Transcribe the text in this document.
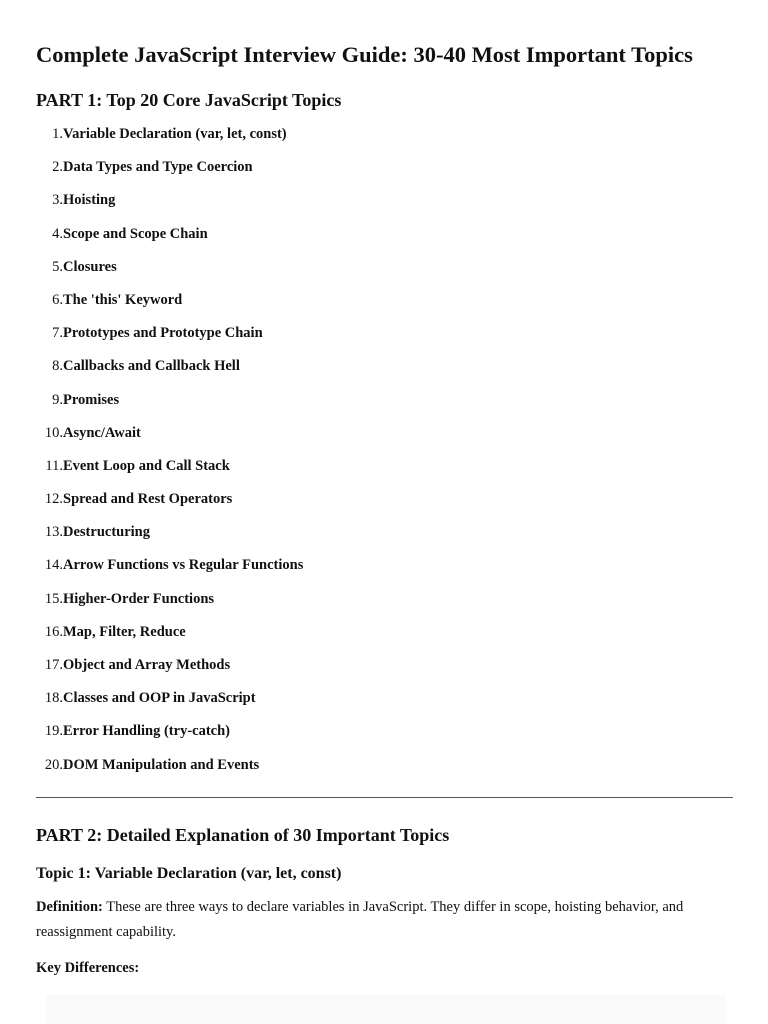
Complete JavaScript Interview Guide: 30-40 Most Important Topics
PART 1: Top 20 Core JavaScript Topics
1. Variable Declaration (var, let, const)
2. Data Types and Type Coercion
3. Hoisting
4. Scope and Scope Chain
5. Closures
6. The 'this' Keyword
7. Prototypes and Prototype Chain
8. Callbacks and Callback Hell
9. Promises
10. Async/Await
11. Event Loop and Call Stack
12. Spread and Rest Operators
13. Destructuring
14. Arrow Functions vs Regular Functions
15. Higher-Order Functions
16. Map, Filter, Reduce
17. Object and Array Methods
18. Classes and OOP in JavaScript
19. Error Handling (try-catch)
20. DOM Manipulation and Events
PART 2: Detailed Explanation of 30 Important Topics
Topic 1: Variable Declaration (var, let, const)

Definition: These are three ways to declare variables in JavaScript. They differ in scope, hoisting behavior, and reassignment capability.

Key Differences:
